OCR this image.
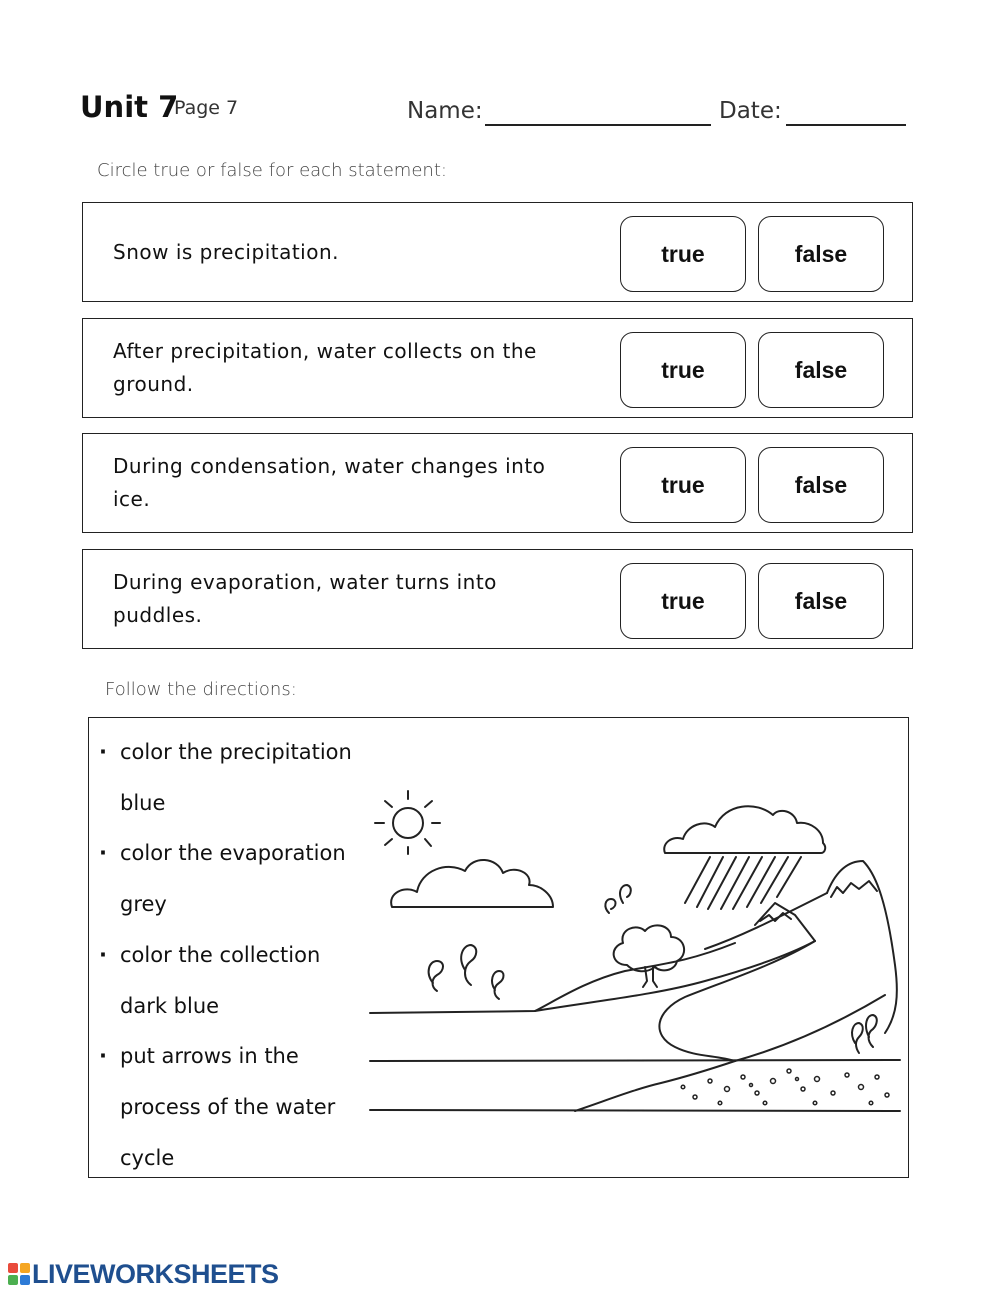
Unit 7
Page 7	Name:	Date:
Circle true or false for each statement:
Snow is precipitation.	true	false
After precipitation, water collects on the ground.
true	false
During condensation, water changes into ice.
true	false
During evaporation, water turns into puddles.
true	false
Follow the directions:
· color the precipitation blue
· color the evaporation grey
· color the collection dark blue
· put arrows in the process of the water cycle
LIVEWORKSHEETS
